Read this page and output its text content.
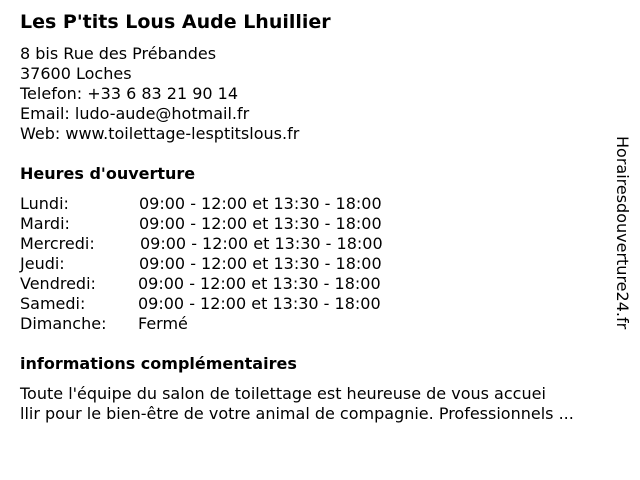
Les P'tits Lous Aude Lhuillier
8 bis Rue des Prébandes
37600 Loches
Telefon: +33 6 83 21 90 14
Email: ludo-aude@hotmail.fr
Web: www.toilettage-lesptitslous.fr
Heures d'ouverture
Lundi:	09:00 - 12:00 et 13:30 - 18:00
Mardi:	09:00 - 12:00 et 13:30 - 18:00
Mercredi:	09:00 - 12:00 et 13:30 - 18:00
Jeudi:	09:00 - 12:00 et 13:30 - 18:00
Vendredi:	09:00 - 12:00 et 13:30 - 18:00
Samedi:	09:00 - 12:00 et 13:30 - 18:00
Dimanche: Fermé
informations complémentaires
Toute l'équipe du salon de toilettage est heureuse de vous accuei
llir pour le bien-être de votre animal de compagnie. Professionnels ...
Horairesdouverture24.fr
